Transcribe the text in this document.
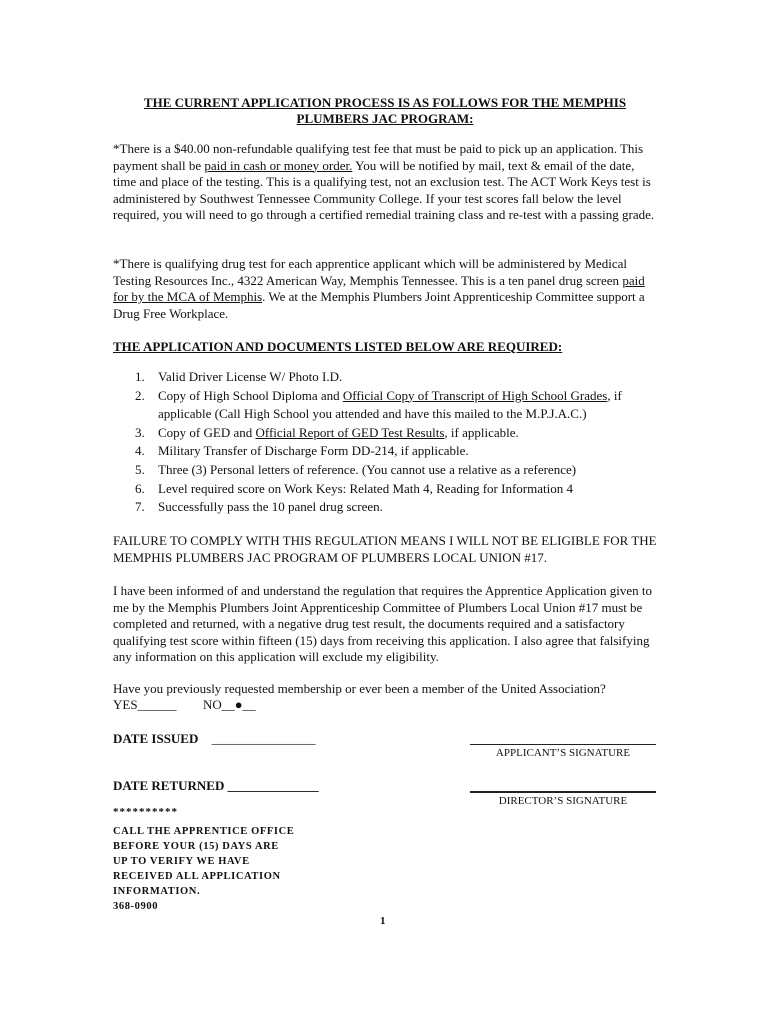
THE CURRENT APPLICATION PROCESS IS AS FOLLOWS FOR THE MEMPHIS PLUMBERS JAC PROGRAM:
*There is a $40.00 non-refundable qualifying test fee that must be paid to pick up an application. This payment shall be paid in cash or money order. You will be notified by mail, text & email of the date, time and place of the testing. This is a qualifying test, not an exclusion test. The ACT Work Keys test is administered by Southwest Tennessee Community College. If your test scores fall below the level required, you will need to go through a certified remedial training class and re-test with a passing grade.
*There is qualifying drug test for each apprentice applicant which will be administered by Medical Testing Resources Inc., 4322 American Way, Memphis Tennessee. This is a ten panel drug screen paid for by the MCA of Memphis. We at the Memphis Plumbers Joint Apprenticeship Committee support a Drug Free Workplace.
THE APPLICATION AND DOCUMENTS LISTED BELOW ARE REQUIRED:
1. Valid Driver License W/ Photo I.D.
2. Copy of High School Diploma and Official Copy of Transcript of High School Grades, if applicable (Call High School you attended and have this mailed to the M.P.J.A.C.)
3. Copy of GED and Official Report of GED Test Results, if applicable.
4. Military Transfer of Discharge Form DD-214, if applicable.
5. Three (3) Personal letters of reference. (You cannot use a relative as a reference)
6. Level required score on Work Keys: Related Math 4, Reading for Information 4
7. Successfully pass the 10 panel drug screen.
FAILURE TO COMPLY WITH THIS REGULATION MEANS I WILL NOT BE ELIGIBLE FOR THE MEMPHIS PLUMBERS JAC PROGRAM OF PLUMBERS LOCAL UNION #17.
I have been informed of and understand the regulation that requires the Apprentice Application given to me by the Memphis Plumbers Joint Apprenticeship Committee of Plumbers Local Union #17 must be completed and returned, with a negative drug test result, the documents required and a satisfactory qualifying test score within fifteen (15) days from receiving this application. I also agree that falsifying any information on this application will exclude my eligibility.
Have you previously requested membership or ever been a member of the United Association?
YES______ NO__●__
DATE ISSUED ________________
APPLICANT’S SIGNATURE
DATE RETURNED ______________
DIRECTOR’S SIGNATURE
**********
CALL THE APPRENTICE OFFICE
BEFORE YOUR (15) DAYS ARE
UP TO VERIFY WE HAVE
RECEIVED ALL APPLICATION
INFORMATION.
368-0900
1
